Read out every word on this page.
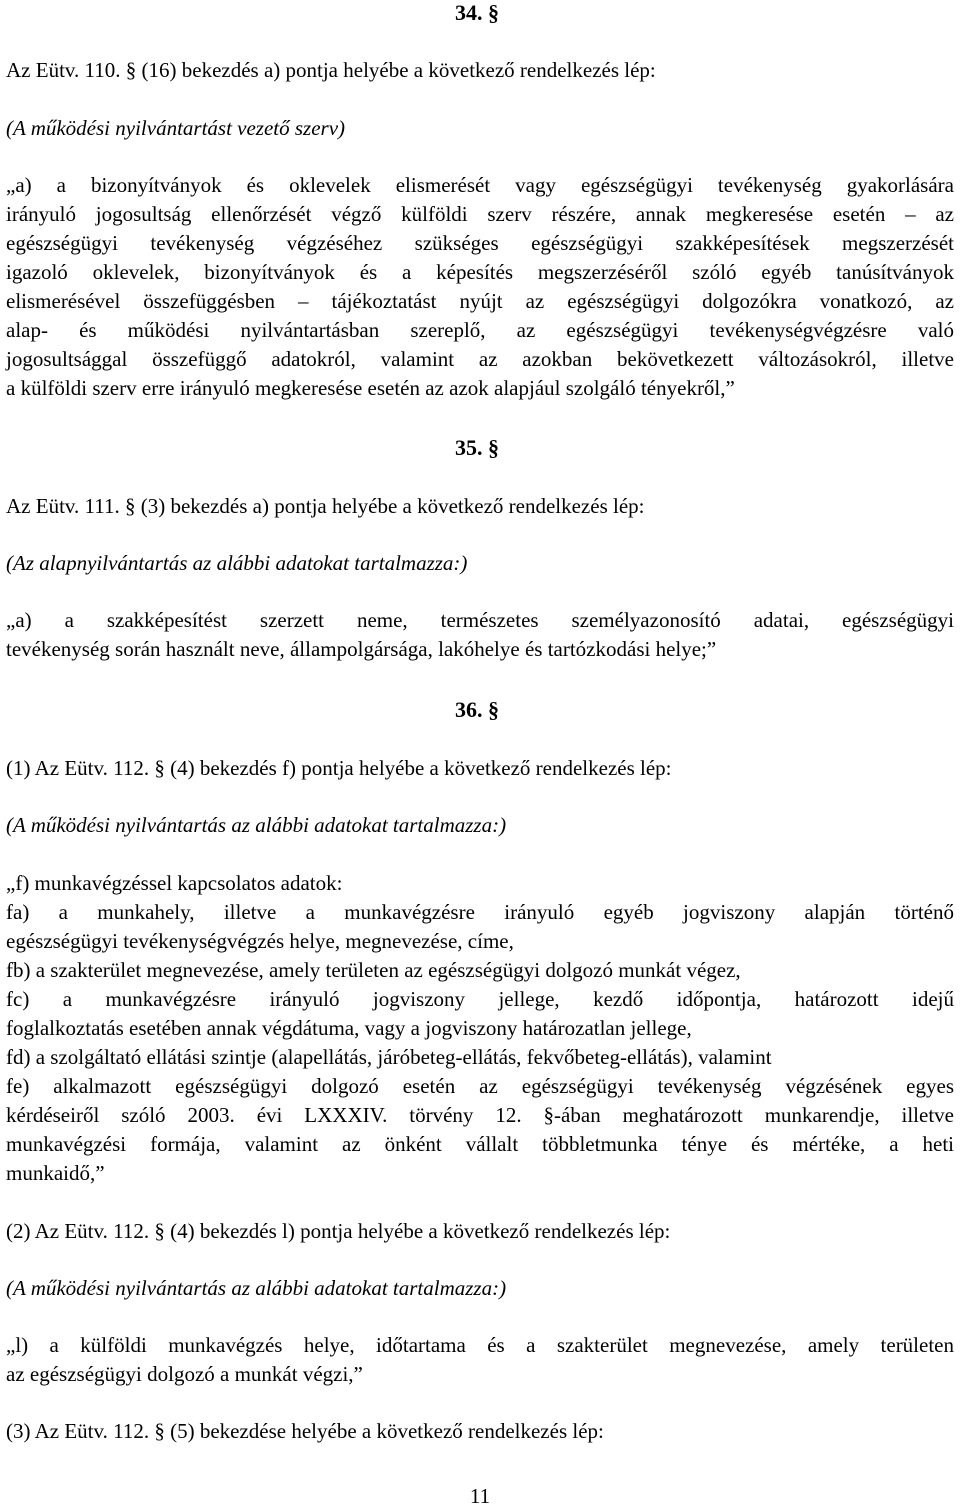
34. §
Az Eütv. 110. § (16) bekezdés a) pontja helyébe a következő rendelkezés lép:
(A működési nyilvántartást vezető szerv)
„a) a bizonyítványok és oklevelek elismerését vagy egészségügyi tevékenység gyakorlására
irányuló jogosultság ellenőrzését végző külföldi szerv részére, annak megkeresése esetén – az
egészségügyi tevékenység végzéséhez szükséges egészségügyi szakképesítések megszerzését
igazoló oklevelek, bizonyítványok és a képesítés megszerzéséről szóló egyéb tanúsítványok
elismerésével összefüggésben – tájékoztatást nyújt az egészségügyi dolgozókra vonatkozó, az
alap- és működési nyilvántartásban szereplő, az egészségügyi tevékenységvégzésre való
jogosultsággal összefüggő adatokról, valamint az azokban bekövetkezett változásokról, illetve
a külföldi szerv erre irányuló megkeresése esetén az azok alapjául szolgáló tényekről,”
35. §
Az Eütv. 111. § (3) bekezdés a) pontja helyébe a következő rendelkezés lép:
(Az alapnyilvántartás az alábbi adatokat tartalmazza:)
„a) a szakképesítést szerzett neme, természetes személyazonosító adatai, egészségügyi
tevékenység során használt neve, állampolgársága, lakóhelye és tartózkodási helye;”
36. §
(1) Az Eütv. 112. § (4) bekezdés f) pontja helyébe a következő rendelkezés lép:
(A működési nyilvántartás az alábbi adatokat tartalmazza:)
„f) munkavégzéssel kapcsolatos adatok:
fa) a munkahely, illetve a munkavégzésre irányuló egyéb jogviszony alapján történő
egészségügyi tevékenységvégzés helye, megnevezése, címe,
fb) a szakterület megnevezése, amely területen az egészségügyi dolgozó munkát végez,
fc) a munkavégzésre irányuló jogviszony jellege, kezdő időpontja, határozott idejű
foglalkoztatás esetében annak végdátuma, vagy a jogviszony határozatlan jellege,
fd) a szolgáltató ellátási szintje (alapellátás, járóbeteg-ellátás, fekvőbeteg-ellátás), valamint
fe) alkalmazott egészségügyi dolgozó esetén az egészségügyi tevékenység végzésének egyes
kérdéseiről szóló 2003. évi LXXXIV. törvény 12. §-ában meghatározott munkarendje, illetve
munkavégzési formája, valamint az önként vállalt többletmunka ténye és mértéke, a heti
munkaidő,”
(2) Az Eütv. 112. § (4) bekezdés l) pontja helyébe a következő rendelkezés lép:
(A működési nyilvántartás az alábbi adatokat tartalmazza:)
„l) a külföldi munkavégzés helye, időtartama és a szakterület megnevezése, amely területen
az egészségügyi dolgozó a munkát végzi,”
(3) Az Eütv. 112. § (5) bekezdése helyébe a következő rendelkezés lép:
11
